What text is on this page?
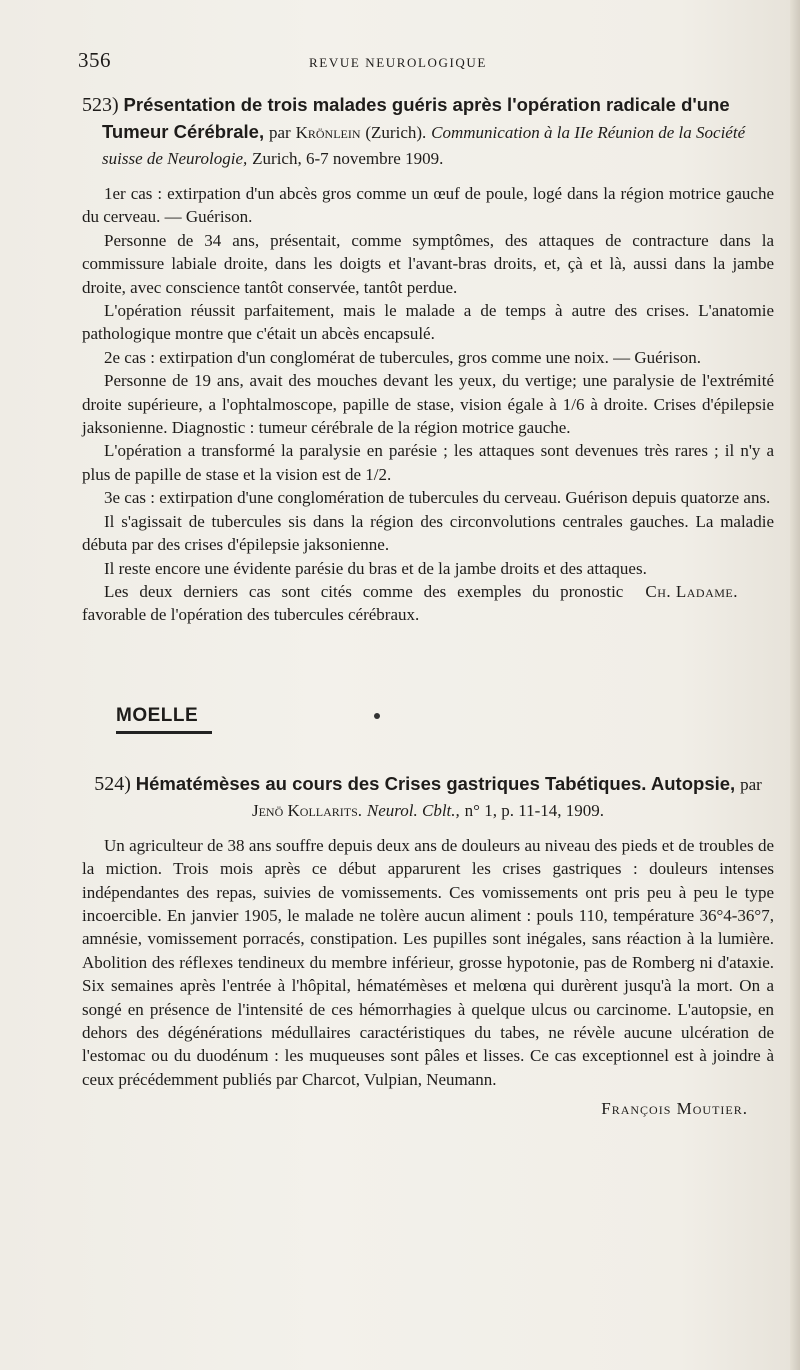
356	REVUE NEUROLOGIQUE
523) Présentation de trois malades guéris après l'opération radicale d'une Tumeur Cérébrale, par Krönlein (Zurich). Communication à la IIe Réunion de la Société suisse de Neurologie, Zurich, 6-7 novembre 1909.

1er cas : extirpation d'un abcès gros comme un œuf de poule, logé dans la région motrice gauche du cerveau. — Guérison.

Personne de 34 ans, présentait, comme symptômes, des attaques de contracture dans la commissure labiale droite, dans les doigts et l'avant-bras droits, et, çà et là, aussi dans la jambe droite, avec conscience tantôt conservée, tantôt perdue.

L'opération réussit parfaitement, mais le malade a de temps à autre des crises. L'anatomie pathologique montre que c'était un abcès encapsulé.

2e cas : extirpation d'un conglomérat de tubercules, gros comme une noix. — Guérison.

Personne de 19 ans, avait des mouches devant les yeux, du vertige; une paralysie de l'extrémité droite supérieure, a l'ophtalmoscope, papille de stase, vision égale à 1/6 à droite. Crises d'épilepsie jaksonienne. Diagnostic : tumeur cérébrale de la région motrice gauche.

L'opération a transformé la paralysie en parésie ; les attaques sont devenues très rares ; il n'y a plus de papille de stase et la vision est de 1/2.

3e cas : extirpation d'une conglomération de tubercules du cerveau. Guérison depuis quatorze ans.

Il s'agissait de tubercules sis dans la région des circonvolutions centrales gauches. La maladie débuta par des crises d'épilepsie jaksonienne.

Il reste encore une évidente parésie du bras et de la jambe droits et des attaques.

Ch. Ladame.
Les deux derniers cas sont cités comme des exemples du pronostic favorable de l'opération des tubercules cérébraux.

MOELLE
524) Hématémèses au cours des Crises gastriques Tabétiques. Autopsie, par Jenö Kollarits. Neurol. Cblt., n° 1, p. 11-14, 1909.

Un agriculteur de 38 ans souffre depuis deux ans de douleurs au niveau des pieds et de troubles de la miction. Trois mois après ce début apparurent les crises gastriques : douleurs intenses indépendantes des repas, suivies de vomissements. Ces vomissements ont pris peu à peu le type incoercible. En janvier 1905, le malade ne tolère aucun aliment : pouls 110, température 36°4-36°7, amnésie, vomissement porracés, constipation. Les pupilles sont inégales, sans réaction à la lumière. Abolition des réflexes tendineux du membre inférieur, grosse hypotonie, pas de Romberg ni d'ataxie. Six semaines après l'entrée à l'hôpital, hématémèses et melœna qui durèrent jusqu'à la mort. On a songé en présence de l'intensité de ces hémorrhagies à quelque ulcus ou carcinome. L'autopsie, en dehors des dégénérations médullaires caractéristiques du tabes, ne révèle aucune ulcération de l'estomac ou du duodénum : les muqueuses sont pâles et lisses. Ce cas exceptionnel est à joindre à ceux précédemment publiés par Charcot, Vulpian, Neumann.

François Moutier.
